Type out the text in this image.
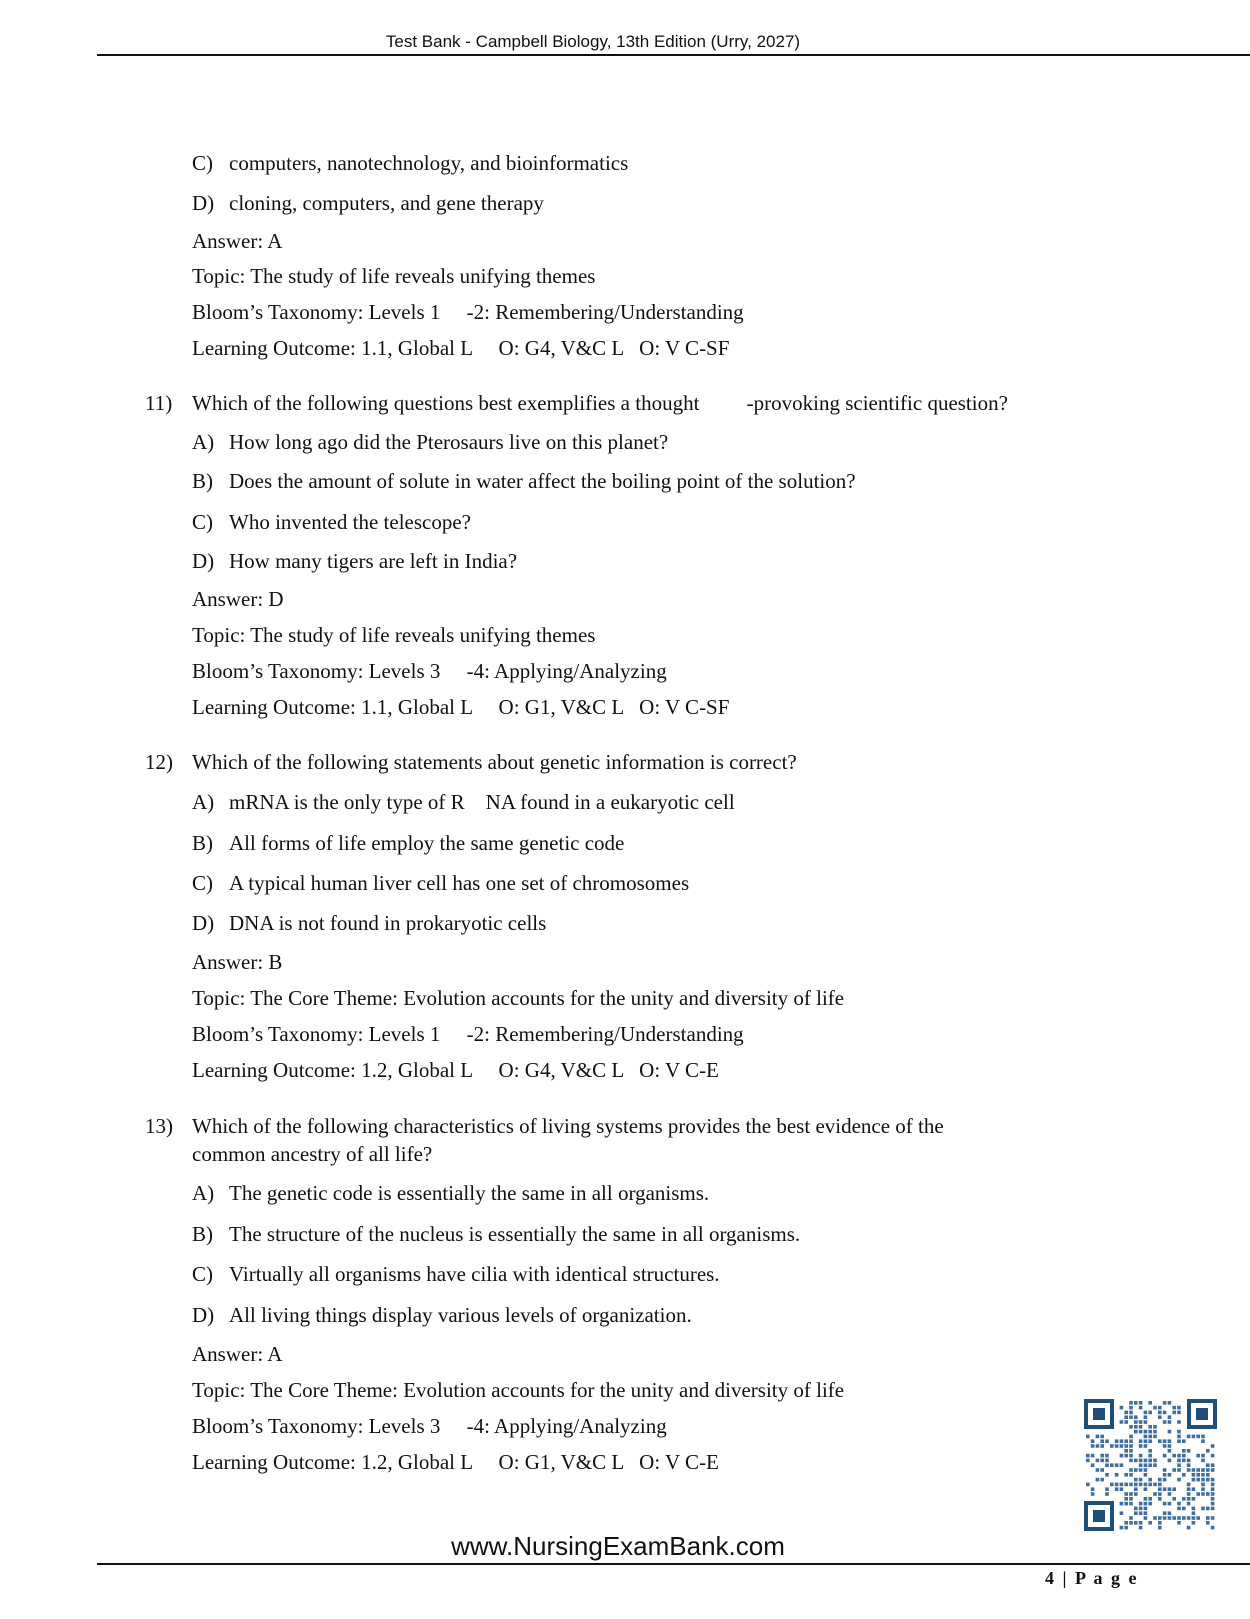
Test Bank - Campbell Biology, 13th Edition (Urry, 2027)
C) computers, nanotechnology, and bioinformatics
D) cloning, computers, and gene therapy
Answer: A
Topic: The study of life reveals unifying themes
Bloom’s Taxonomy: Levels 1     -2: Remembering/Understanding
Learning Outcome: 1.1, Global L     O: G4, V&C L   O: V C-SF
11) Which of the following questions best exemplifies a thought         -provoking scientific question?
A) How long ago did the Pterosaurs live on this planet?
B) Does the amount of solute in water affect the boiling point of the solution?
C) Who invented the telescope?
D) How many tigers are left in India?
Answer: D
Topic: The study of life reveals unifying themes
Bloom’s Taxonomy: Levels 3     -4: Applying/Analyzing
Learning Outcome: 1.1, Global L     O: G1, V&C L   O: V C-SF
12) Which of the following statements about genetic information is correct?
A) mRNA is the only type of R    NA found in a eukaryotic cell
B) All forms of life employ the same genetic code
C) A typical human liver cell has one set of chromosomes
D) DNA is not found in prokaryotic cells
Answer: B
Topic: The Core Theme: Evolution accounts for the unity and diversity of life
Bloom’s Taxonomy: Levels 1     -2: Remembering/Understanding
Learning Outcome: 1.2, Global L     O: G4, V&C L   O: V C-E
13) Which of the following characteristics of living systems provides the best evidence of the
common ancestry of all life?
A) The genetic code is essentially the same in all organisms.
B) The structure of the nucleus is essentially the same in all organisms.
C) Virtually all organisms have cilia with identical structures.
D) All living things display various levels of organization.
Answer: A
Topic: The Core Theme: Evolution accounts for the unity and diversity of life
Bloom’s Taxonomy: Levels 3     -4: Applying/Analyzing
Learning Outcome: 1.2, Global L     O: G1, V&C L   O: V C-E
www.NursingExamBank.com
4 | P a g e
